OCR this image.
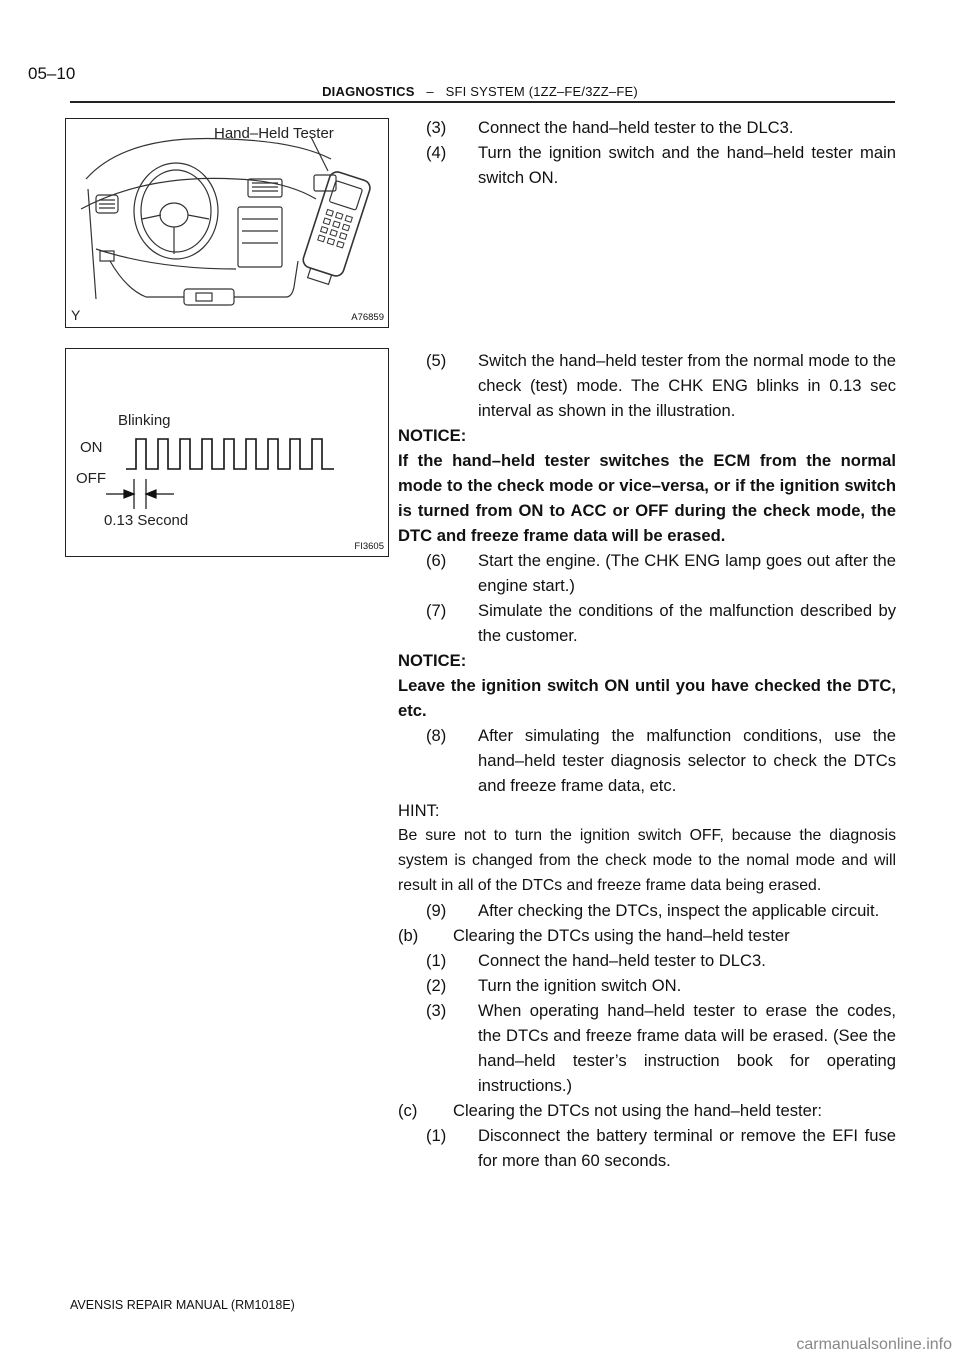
05–10
DIAGNOSTICS – SFI SYSTEM (1ZZ–FE/3ZZ–FE)
Hand–Held Tester
Y	A76859
Blinking
ON
OFF
0.13 Second
FI3605
(3)	Connect the hand–held tester to the DLC3.
(4)	Turn the ignition switch and the hand–held tester main switch ON.
(5)	Switch the hand–held tester from the normal mode to the check (test) mode. The CHK ENG blinks in 0.13 sec interval as shown in the illustration.

NOTICE:

If the hand–held tester switches the ECM from the normal mode to the check mode or vice–versa, or if the ignition switch is turned from ON to ACC or OFF during the check mode, the DTC and freeze frame data will be erased.

(6)	Start the engine. (The CHK ENG lamp goes out after the engine start.)
(7)	Simulate the conditions of the malfunction described by the customer.

NOTICE:

Leave the ignition switch ON until you have checked the DTC, etc.

(8)	After simulating the malfunction conditions, use the hand–held tester diagnosis selector to check the DTCs and freeze frame data, etc.

HINT:

Be sure not to turn the ignition switch OFF, because the diagnosis system is changed from the check mode to the nomal mode and will result in all of the DTCs and freeze frame data being erased.

(9)	After checking the DTCs, inspect the applicable circuit.
(b)	Clearing the DTCs using the hand–held tester
(1)	Connect the hand–held tester to DLC3.
(2)	Turn the ignition switch ON.
(3)	When operating hand–held tester to erase the codes, the DTCs and freeze frame data will be erased. (See the hand–held tester’s instruction book for operating instructions.)
(c)	Clearing the DTCs not using the hand–held tester:
(1)	Disconnect the battery terminal or remove the EFI fuse for more than 60 seconds.
AVENSIS REPAIR MANUAL (RM1018E)
carmanualsonline.info
